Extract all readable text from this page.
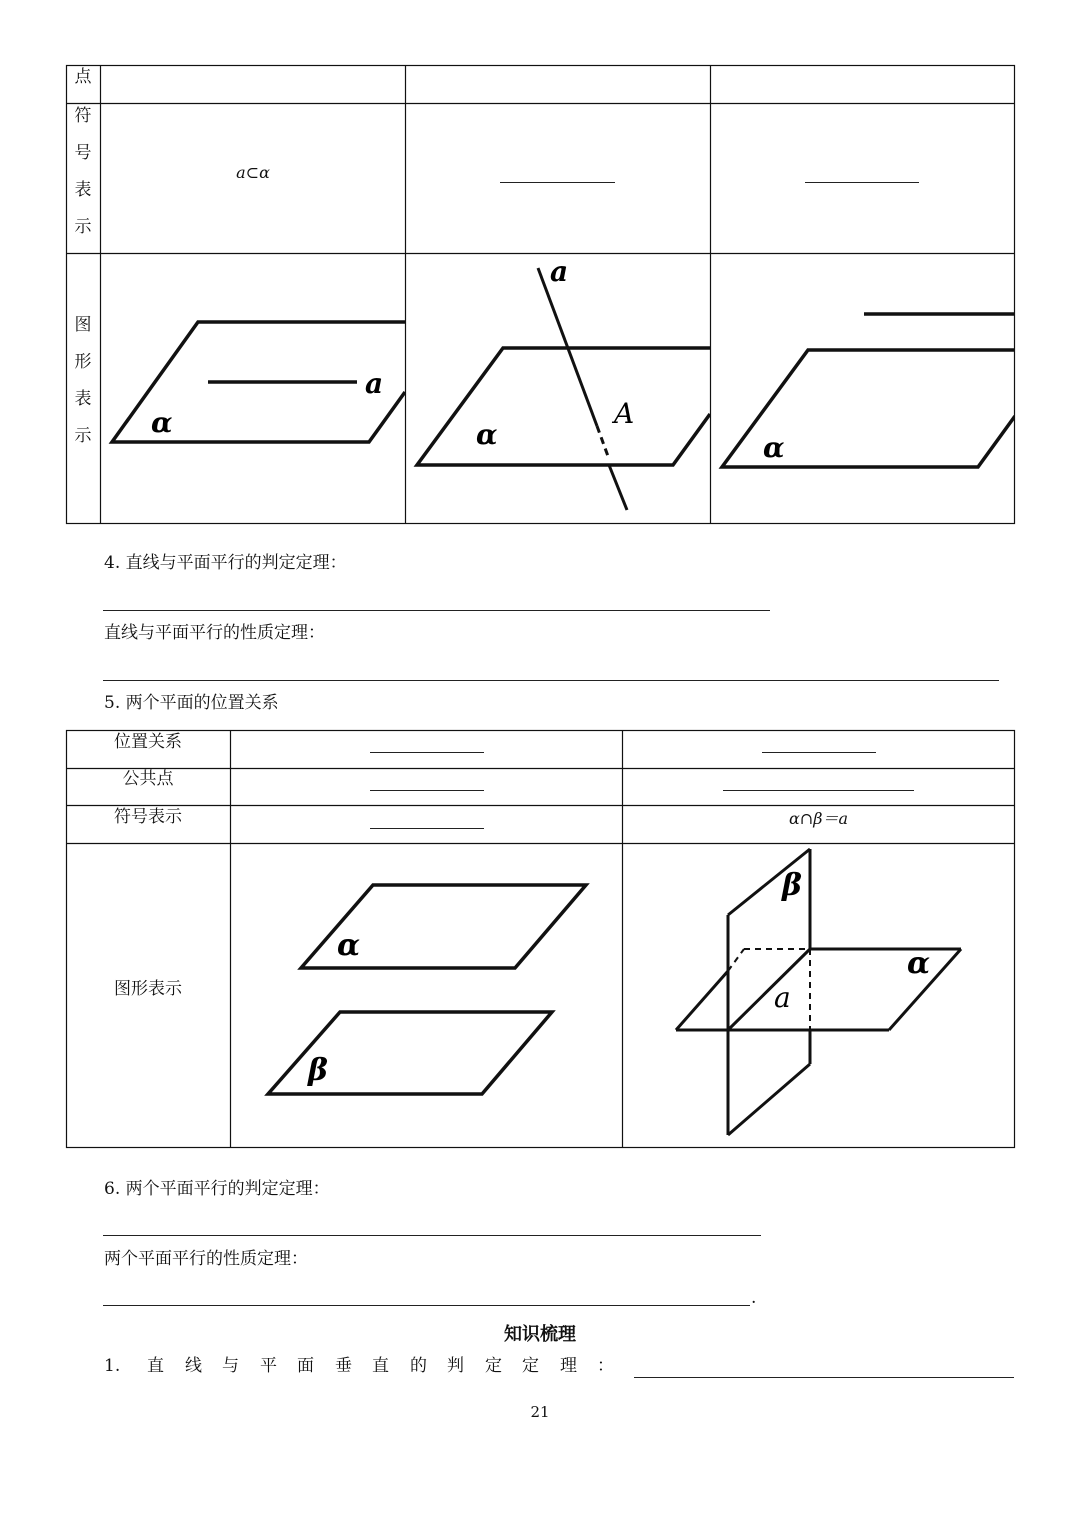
点
符
号
表
示
图
形
表
示
a⊂α
α
a
a
A
α	α
4. 直线与平面平行的判定定理：
直线与平面平行的性质定理：
5. 两个平面的位置关系
位置关系
公共点
符号表示
图形表示
α∩β＝a
α
β
β
α
a
6. 两个平面平行的判定定理：
两个平面平行的性质定理：
.
知识梳理
1. 直 线 与 平 面 垂 直 的 判 定 定 理 ：
21
